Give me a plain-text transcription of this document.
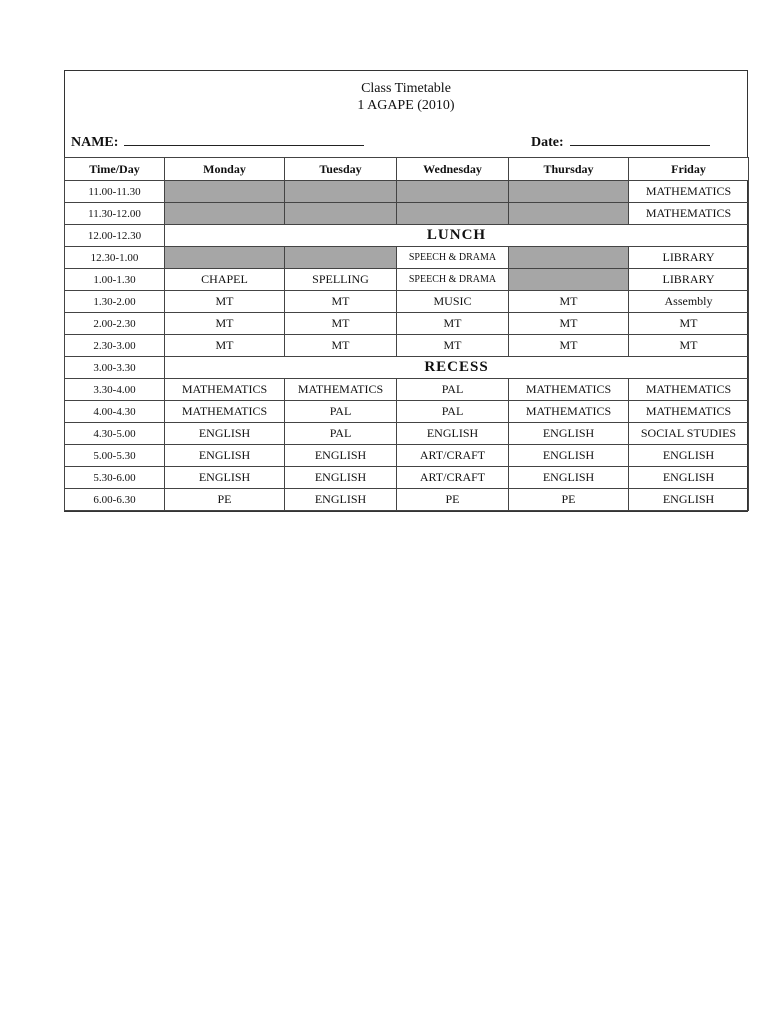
Class Timetable
1 AGAPE (2010)
NAME:	Date:
Time/Day	Monday	Tuesday	Wednesday	Thursday	Friday
11.00-11.30					MATHEMATICS
11.30-12.00					MATHEMATICS
12.00-12.30	LUNCH				
12.30-1.00			SPEECH & DRAMA		LIBRARY
1.00-1.30	CHAPEL	SPELLING	SPEECH & DRAMA		LIBRARY
1.30-2.00	MT	MT	MUSIC	MT	Assembly
2.00-2.30	MT	MT	MT	MT	MT
2.30-3.00	MT	MT	MT	MT	MT
3.00-3.30	RECESS				
3.30-4.00	MATHEMATICS	MATHEMATICS	PAL	MATHEMATICS	MATHEMATICS
4.00-4.30	MATHEMATICS	PAL	PAL	MATHEMATICS	MATHEMATICS
4.30-5.00	ENGLISH	PAL	ENGLISH	ENGLISH	SOCIAL STUDIES
5.00-5.30	ENGLISH	ENGLISH	ART/CRAFT	ENGLISH	ENGLISH
5.30-6.00	ENGLISH	ENGLISH	ART/CRAFT	ENGLISH	ENGLISH
6.00-6.30	PE	ENGLISH	PE	PE	ENGLISH
